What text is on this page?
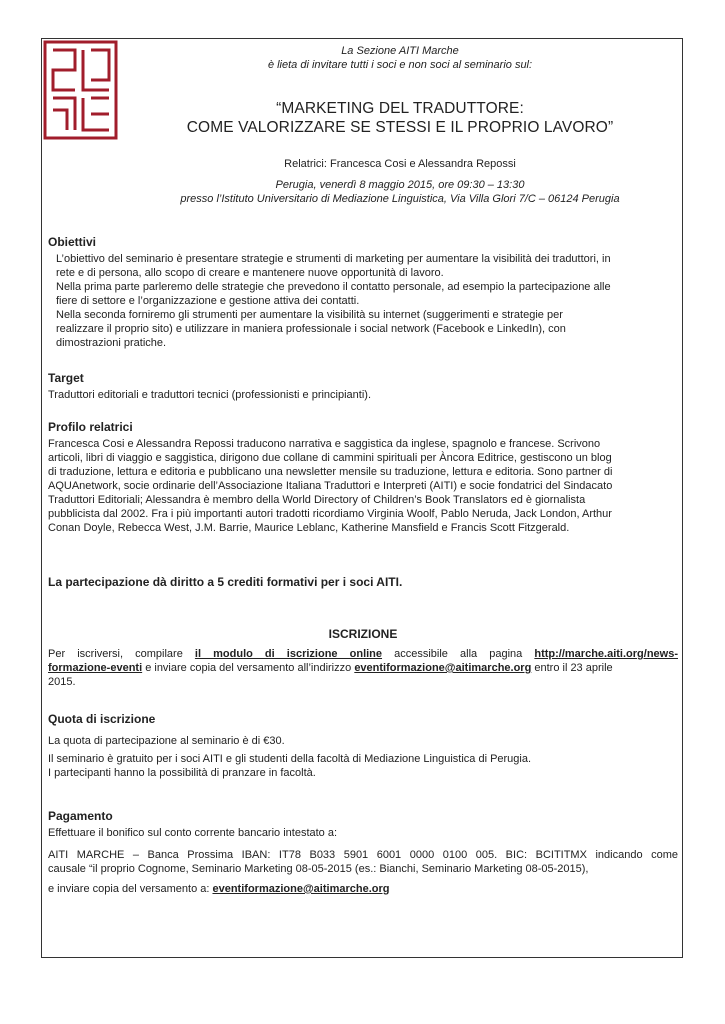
La Sezione AITI Marche
è lieta di invitare tutti i soci e non soci al seminario sul:
“MARKETING DEL TRADUTTORE:
COME VALORIZZARE SE STESSI E IL PROPRIO LAVORO”
Relatrici: Francesca Cosi e Alessandra Repossi
Perugia, venerdì 8 maggio 2015, ore 09:30 – 13:30
presso l’Istituto Universitario di Mediazione Linguistica, Via Villa Glori 7/C – 06124 Perugia
Obiettivi
L’obiettivo del seminario è presentare strategie e strumenti di marketing per aumentare la visibilità dei traduttori, in
rete e di persona, allo scopo di creare e mantenere nuove opportunità di lavoro.
Nella prima parte parleremo delle strategie che prevedono il contatto personale, ad esempio la partecipazione alle
fiere di settore e l’organizzazione e gestione attiva dei contatti.
Nella seconda forniremo gli strumenti per aumentare la visibilità su internet (suggerimenti e strategie per
realizzare il proprio sito) e utilizzare in maniera professionale i social network (Facebook e LinkedIn), con
dimostrazioni pratiche.
Target
Traduttori editoriali e traduttori tecnici (professionisti e principianti).
Profilo relatrici
Francesca Cosi e Alessandra Repossi traducono narrativa e saggistica da inglese, spagnolo e francese. Scrivono
articoli, libri di viaggio e saggistica, dirigono due collane di cammini spirituali per Àncora Editrice, gestiscono un blog
di traduzione, lettura e editoria e pubblicano una newsletter mensile su traduzione, lettura e editoria. Sono partner di
AQUAnetwork, socie ordinarie dell’Associazione Italiana Traduttori e Interpreti (AITI) e socie fondatrici del Sindacato
Traduttori Editoriali; Alessandra è membro della World Directory of Children’s Book Translators ed è giornalista
pubblicista dal 2002. Fra i più importanti autori tradotti ricordiamo Virginia Woolf, Pablo Neruda, Jack London, Arthur
Conan Doyle, Rebecca West, J.M. Barrie, Maurice Leblanc, Katherine Mansfield e Francis Scott Fitzgerald.
La partecipazione dà diritto a 5 crediti formativi per i soci AITI.
ISCRIZIONE
Per iscriversi, compilare il modulo di iscrizione online accessibile alla pagina http://marche.aiti.org/news-
formazione-eventi e inviare copia del versamento all’indirizzo eventiformazione@aitimarche.org entro il 23 aprile
2015.
Quota di iscrizione
La quota di partecipazione al seminario è di €30.
Il seminario è gratuito per i soci AITI e gli studenti della facoltà di Mediazione Linguistica di Perugia.
I partecipanti hanno la possibilità di pranzare in facoltà.
Pagamento
Effettuare il bonifico sul conto corrente bancario intestato a:
AITI MARCHE – Banca Prossima IBAN: IT78 B033 5901 6001 0000 0100 005. BIC: BCITITMX indicando come
causale “il proprio Cognome, Seminario Marketing 08-05-2015 (es.: Bianchi, Seminario Marketing 08-05-2015),
e inviare copia del versamento a: eventiformazione@aitimarche.org
